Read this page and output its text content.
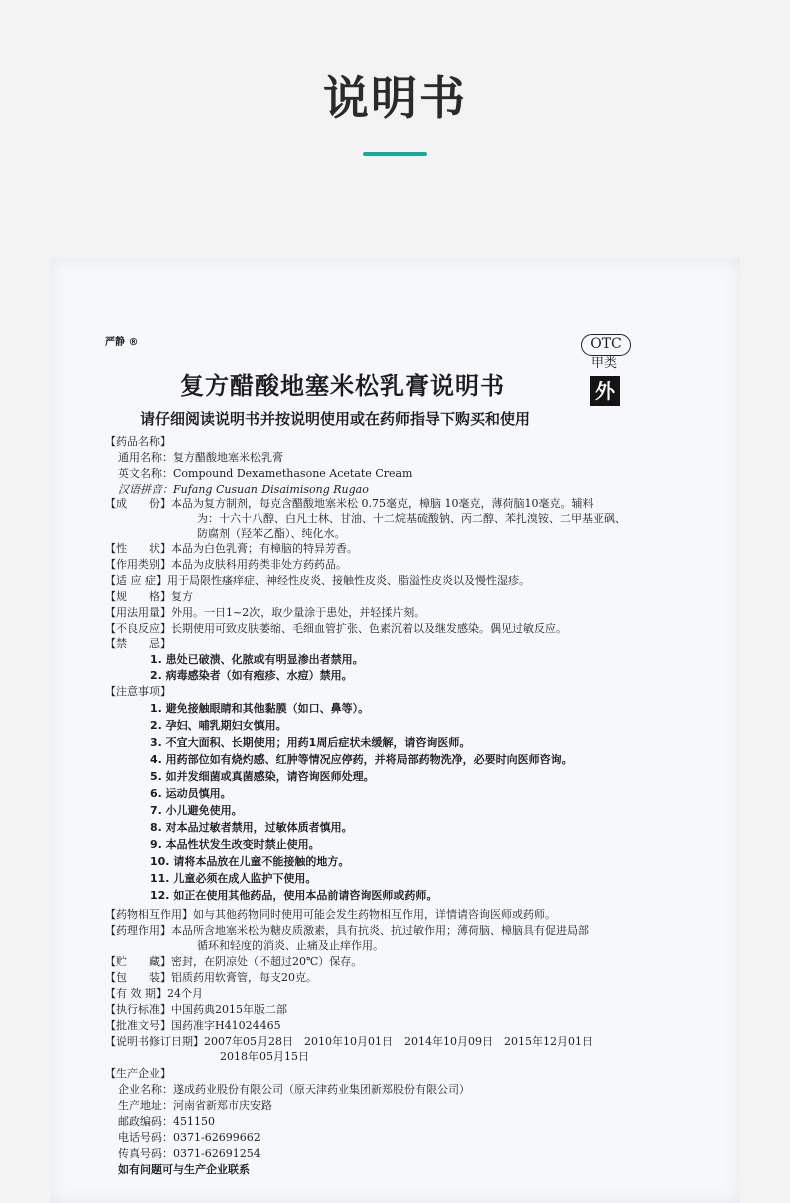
说明书
严静 ®	OTC
甲类
外
复方醋酸地塞米松乳膏说明书
请仔细阅读说明书并按说明使用或在药师指导下购买和使用
【药品名称】
通用名称：复方醋酸地塞米松乳膏
英文名称：Compound Dexamethasone Acetate Cream
汉语拼音：Fufang Cusuan Disaimisong Rugao
【成　　份】本品为复方制剂，每克含醋酸地塞米松 0.75毫克，樟脑 10毫克，薄荷脑10毫克。辅料
为：十六十八醇、白凡士林、甘油、十二烷基硫酸钠、丙二醇、苯扎溴铵、二甲基亚砜、
防腐剂（羟苯乙酯）、纯化水。
【性　　状】本品为白色乳膏；有樟脑的特异芳香。
【作用类别】本品为皮肤科用药类非处方药药品。
【适 应 症】用于局限性瘙痒症、神经性皮炎、接触性皮炎、脂溢性皮炎以及慢性湿疹。
【规　　格】复方
【用法用量】外用。一日1~2次，取少量涂于患处，并轻揉片刻。
【不良反应】长期使用可致皮肤萎缩、毛细血管扩张、色素沉着以及继发感染。偶见过敏反应。
【禁　　忌】
1. 患处已破溃、化脓或有明显渗出者禁用。
2. 病毒感染者（如有疱疹、水痘）禁用。
【注意事项】
1. 避免接触眼睛和其他黏膜（如口、鼻等）。
2. 孕妇、哺乳期妇女慎用。
3. 不宜大面积、长期使用；用药1周后症状未缓解，请咨询医师。
4. 用药部位如有烧灼感、红肿等情况应停药，并将局部药物洗净，必要时向医师咨询。
5. 如并发细菌或真菌感染，请咨询医师处理。
6. 运动员慎用。
7. 小儿避免使用。
8. 对本品过敏者禁用，过敏体质者慎用。
9. 本品性状发生改变时禁止使用。
10. 请将本品放在儿童不能接触的地方。
11. 儿童必须在成人监护下使用。
12. 如正在使用其他药品，使用本品前请咨询医师或药师。
【药物相互作用】如与其他药物同时使用可能会发生药物相互作用，详情请咨询医师或药师。
【药理作用】本品所含地塞米松为糖皮质激素，具有抗炎、抗过敏作用；薄荷脑、樟脑具有促进局部
循环和轻度的消炎、止痛及止痒作用。
【贮　　藏】密封，在阴凉处（不超过20℃）保存。
【包　　装】铝质药用软膏管，每支20克。
【有 效 期】24个月
【执行标准】中国药典2015年版二部
【批准文号】国药准字H41024465
【说明书修订日期】2007年05月28日　2010年10月01日　2014年10月09日　2015年12月01日
2018年05月15日
【生产企业】
企业名称：遂成药业股份有限公司（原天津药业集团新郑股份有限公司）
生产地址：河南省新郑市庆安路
邮政编码：451150
电话号码：0371-62699662
传真号码：0371-62691254
如有问题可与生产企业联系
